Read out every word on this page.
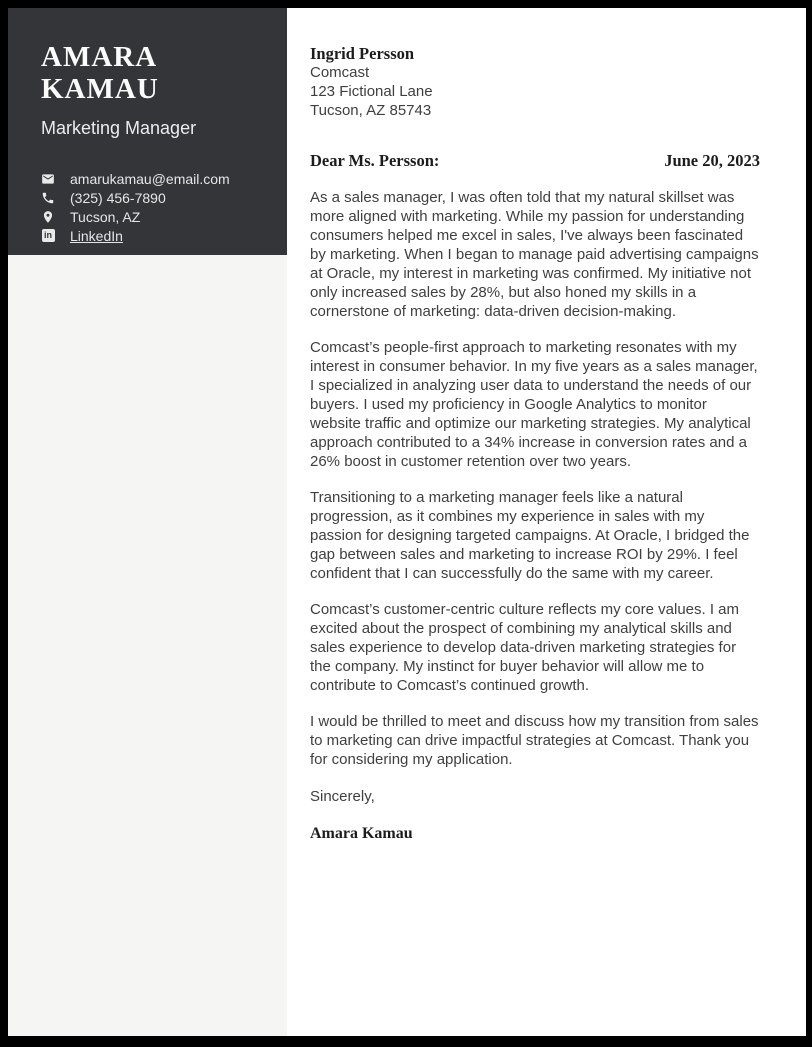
AMARA KAMAU
Marketing Manager
amarukamau@email.com
(325) 456-7890
Tucson, AZ
in LinkedIn
Ingrid Persson
Comcast
123 Fictional Lane
Tucson, AZ 85743
Dear Ms. Persson:	June 20, 2023

As a sales manager, I was often told that my natural skillset was more aligned with marketing. While my passion for understanding consumers helped me excel in sales, I've always been fascinated by marketing. When I began to manage paid advertising campaigns at Oracle, my interest in marketing was confirmed. My initiative not only increased sales by 28%, but also honed my skills in a cornerstone of marketing: data-driven decision-making.

Comcast’s people-first approach to marketing resonates with my interest in consumer behavior. In my five years as a sales manager, I specialized in analyzing user data to understand the needs of our buyers. I used my proficiency in Google Analytics to monitor website traffic and optimize our marketing strategies. My analytical approach contributed to a 34% increase in conversion rates and a 26% boost in customer retention over two years.

Transitioning to a marketing manager feels like a natural progression, as it combines my experience in sales with my passion for designing targeted campaigns. At Oracle, I bridged the gap between sales and marketing to increase ROI by 29%. I feel confident that I can successfully do the same with my career.

Comcast’s customer-centric culture reflects my core values. I am excited about the prospect of combining my analytical skills and sales experience to develop data-driven marketing strategies for the company. My instinct for buyer behavior will allow me to contribute to Comcast’s continued growth.

I would be thrilled to meet and discuss how my transition from sales to marketing can drive impactful strategies at Comcast. Thank you for considering my application.

Sincerely,
Amara Kamau
